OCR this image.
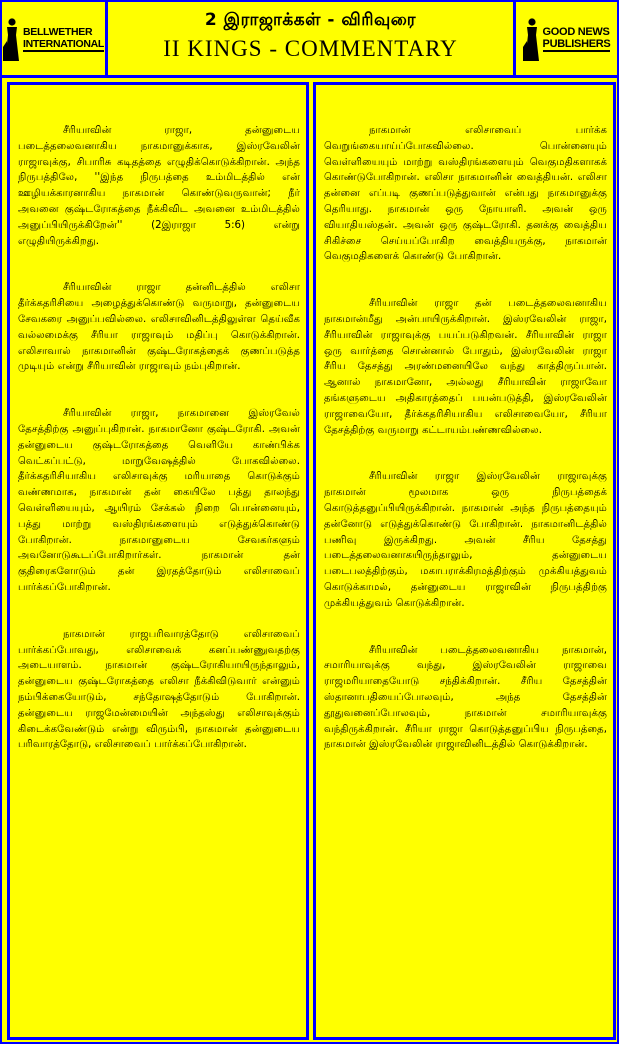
BELLWETHER
INTERNATIONAL
2 இராஜாக்கள் - விரிவுரை
II KINGS - COMMENTARY
GOOD NEWS
PUBLISHERS

சீரியாவின் ராஜா, தன்னுடைய படைத்தலைவனாகிய நாகமானுக்காக, இஸ்ரவேலின் ராஜாவுக்கு, சிபாரிசு கடிதத்தை எழுதிக்கொடுக்கிறான். அந்த நிருபத்திலே, ''இந்த நிருபத்தை உம்மிடத்தில் என் ஊழியக்காரனாகிய நாகமான் கொண்டுவருவான்; நீர் அவனை குஷ்டரோகத்தை நீக்கிவிட அவனை உம்மிடத்தில் அனுப்பியிருக்கிறேன்'' (2இராஜா 5:6) என்று எழுதியிருக்கிறது.

சீரியாவின் ராஜா தன்னிடத்தில் எலிசா தீர்க்கதரிசியை அழைத்துக்கொண்டு வருமாறு, தன்னுடைய சேவகரை அனுப்பவில்லை. எலிசாவினிடத்திலுள்ள தெய்வீக வல்லமைக்கு சீரியா ராஜாவும் மதிப்பு கொடுக்கிறான். எலிசாவால் நாகமானின் குஷ்டரோகத்தைக் குணப்படுத்த முடியும் என்று சீரியாவின் ராஜாவும் நம்புகிறான்.

சீரியாவின் ராஜா, நாகமானை இஸ்ரவேல் தேசத்திற்கு அனுப்புகிறான். நாகமானோ குஷ்டரோகி. அவன் தன்னுடைய குஷ்டரோகத்தை வெளியே காண்பிக்க வெட்கப்பட்டு, மாறுவேஷத்தில் போகவில்லை. தீர்க்கதரிசியாகிய எலிசாவுக்கு மரியாதை கொடுக்கும் வண்ணமாக, நாகமான் தன் கையிலே பத்து தாலந்து வெள்ளியையும், ஆயிரம் சேக்கல் நிறை பொன்னையும், பத்து மாற்று வஸ்திரங்களையும் எடுத்துக்கொண்டு போகிறான். நாகமானுடைய சேவகர்களும் அவனோடுகூடப்போகிறார்கள். நாகமான் தன் குதிரைகளோடும் தன் இரதத்தோடும் எலிசாவைப் பார்க்கப்போகிறான்.

நாகமான் ராஜபரிவாரத்தோடு எலிசாவைப் பார்க்கப்போவது, எலிசாவைக் கனப்பண்ணுவதற்கு அடையாளம். நாகமான் குஷ்டரோகியாயிருந்தாலும், தன்னுடைய குஷ்டரோகத்தை எலிசா நீக்கிவிடுவார் என்னும் நம்பிக்கையோடும், சந்தோஷத்தோடும் போகிறான். தன்னுடைய ராஜமேன்மையின் அந்தஸ்து எலிசாவுக்கும் கிடைக்கவேண்டும் என்று விரும்பி, நாகமான் தன்னுடைய பரிவாரத்தோடு, எலிசாவைப் பார்க்கப்போகிறான்.

நாகமான் எலிசாவைப் பார்க்க வெறுங்கையாய்ப்போகவில்லை. பொன்னையும் வெள்ளியையும் மாற்று வஸ்திரங்களையும் வெகுமதிகளாகக் கொண்டுபோகிறான். எலிசா நாகமானின் வைத்தியன். எலிசா தன்னை எப்படி குணப்படுத்துவான் என்பது நாகமானுக்கு தெரியாது. நாகமான் ஒரு நோயாளி. அவன் ஒரு வியாதியஸ்தன். அவன் ஒரு குஷ்டரோகி. தனக்கு வைத்திய சிகிச்சை செய்யப்போகிற வைத்தியருக்கு, நாகமான் வெகுமதிகளைக் கொண்டு போகிறான்.

சீரியாவின் ராஜா தன் படைத்தலைவனாகிய நாகமான்மீது அன்பாயிருக்கிறான். இஸ்ரவேலின் ராஜா, சீரியாவின் ராஜாவுக்கு பயப்படுகிறவன். சீரியாவின் ராஜா ஒரு வார்த்தை சொன்னால் போதும், இஸ்ரவேலின் ராஜா சீரிய தேசத்து அரண்மனையிலே வந்து காத்திருப்பான். ஆனால் நாகமானோ, அல்லது சீரியாவின் ராஜாவோ தங்களுடைய அதிகாரத்தைப் பயன்படுத்தி, இஸ்ரவேலின் ராஜாவையோ, தீர்க்கதரிசியாகிய எலிசாவையோ, சீரியா தேசத்திற்கு வருமாறு கட்டாயம்பண்ணவில்லை.

சீரியாவின் ராஜா இஸ்ரவேலின் ராஜாவுக்கு நாகமான் மூலமாக ஒரு நிருபத்தைக் கொடுத்தனுப்பியிருக்கிறான். நாகமான் அந்த நிருபத்தையும் தன்னோடு எடுத்துக்கொண்டு போகிறான். நாகமானிடத்தில் பணிவு இருக்கிறது. அவன் சீரிய தேசத்து படைத்தலைவனாகயிருந்தாலும், தன்னுடைய படைபலத்திற்கும், மகாபராக்கிரமத்திற்கும் முக்கியத்துவம் கொடுக்காமல், தன்னுடைய ராஜாவின் நிருபத்திற்கு முக்கியத்துவம் கொடுக்கிறான்.

சீரியாவின் படைத்தலைவனாகிய நாகமான், சமாரியாவுக்கு வந்து, இஸ்ரவேலின் ராஜாவை ராஜமரியாதையோடு சந்திக்கிறான். சீரிய தேசத்தின் ஸ்தானாபதியைப்போலவும், அந்த தேசத்தின் தூதுவனைப்போலவும், நாகமான் சமாரியாவுக்கு வந்திருக்கிறான். சீரியா ராஜா கொடுத்தனுப்பிய நிருபத்தை, நாகமான் இஸ்ரவேலின் ராஜாவினிடத்தில் கொடுக்கிறான்.
